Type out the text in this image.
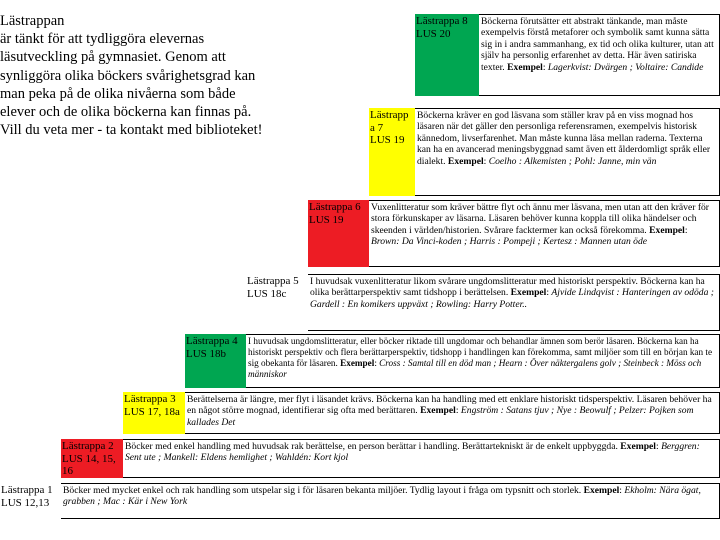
Lästrappan
är tänkt för att tydliggöra elevernas läsutveckling på gymnasiet. Genom att synliggöra olika böckers svårighetsgrad kan man peka på de olika nivåerna som både elever och de olika böckerna kan finnas på. Vill du veta mer - ta kontakt med biblioteket!
Lästrappa 8
LUS 20
Böckerna förutsätter ett abstrakt tänkande, man måste exempelvis förstå metaforer och symbolik samt kunna sätta sig in i andra sammanhang, ex tid och olika kulturer, utan att själv ha personlig erfarenhet av detta. Här även satiriska texter. Exempel: Lagerkvist: Dvärgen ; Voltaire: Candide
Lästrapp a 7
LUS 19
Böckerna kräver en god läsvana som ställer krav på en viss mognad hos läsaren när det gäller den personliga referensramen, exempelvis historisk kännedom, livserfarenhet. Man måste kunna läsa mellan raderna. Texterna kan ha en avancerad meningsbyggnad samt även ett ålderdomligt språk eller dialekt. Exempel: Coelho : Alkemisten ; Pohl: Janne, min vän
Lästrappa 6
LUS 19
Vuxenlitteratur som kräver bättre flyt och ännu mer läsvana, men utan att den kräver för stora förkunskaper av läsarna. Läsaren behöver kunna koppla till olika händelser och skeenden i världen/historien. Svårare facktermer kan också förekomma. Exempel: Brown: Da Vinci-koden ; Harris : Pompeji ; Kertesz : Mannen utan öde
Lästrappa 5
LUS 18c
I huvudsak vuxenlitteratur likom svårare ungdomslitteratur med historiskt perspektiv. Böckerna kan ha olika berättarperspektiv samt tidshopp i berättelsen. Exempel: Ajvide Lindqvist : Hanteringen av odöda ; Gardell : En komikers uppväxt ; Rowling: Harry Potter..
Lästrappa 4
LUS 18b
I huvudsak ungdomslitteratur, eller böcker riktade till ungdomar och behandlar ämnen som berör läsaren. Böckerna kan ha historiskt perspektiv och flera berättarperspektiv, tidshopp i handlingen kan förekomma, samt miljöer som till en början kan te sig obekanta för läsaren. Exempel: Cross : Samtal till en död man ; Hearn : Över näktergalens golv ; Steinbeck : Möss och människor
Lästrappa 3
LUS 17, 18a
Berättelserna är längre, mer flyt i läsandet krävs. Böckerna kan ha handling med ett enklare historiskt tidsperspektiv. Läsaren behöver ha en något större mognad, identifierar sig ofta med berättaren. Exempel: Engström : Satans tjuv ; Nye : Beowulf ; Pelzer: Pojken som kallades Det
Lästrappa 2
LUS 14, 15, 16
Böcker med enkel handling med huvudsak rak berättelse, en person berättar i handling. Berättartekniskt är de enkelt uppbyggda. Exempel: Berggren: Sent ute ; Mankell: Eldens hemlighet ; Wahldén: Kort kjol
Lästrappa 1
LUS 12,13
Böcker med mycket enkel och rak handling som utspelar sig i för läsaren bekanta miljöer. Tydlig layout i fråga om typsnitt och storlek. Exempel: Ekholm: Nära ögat, grabben ; Mac : Kär i New York
